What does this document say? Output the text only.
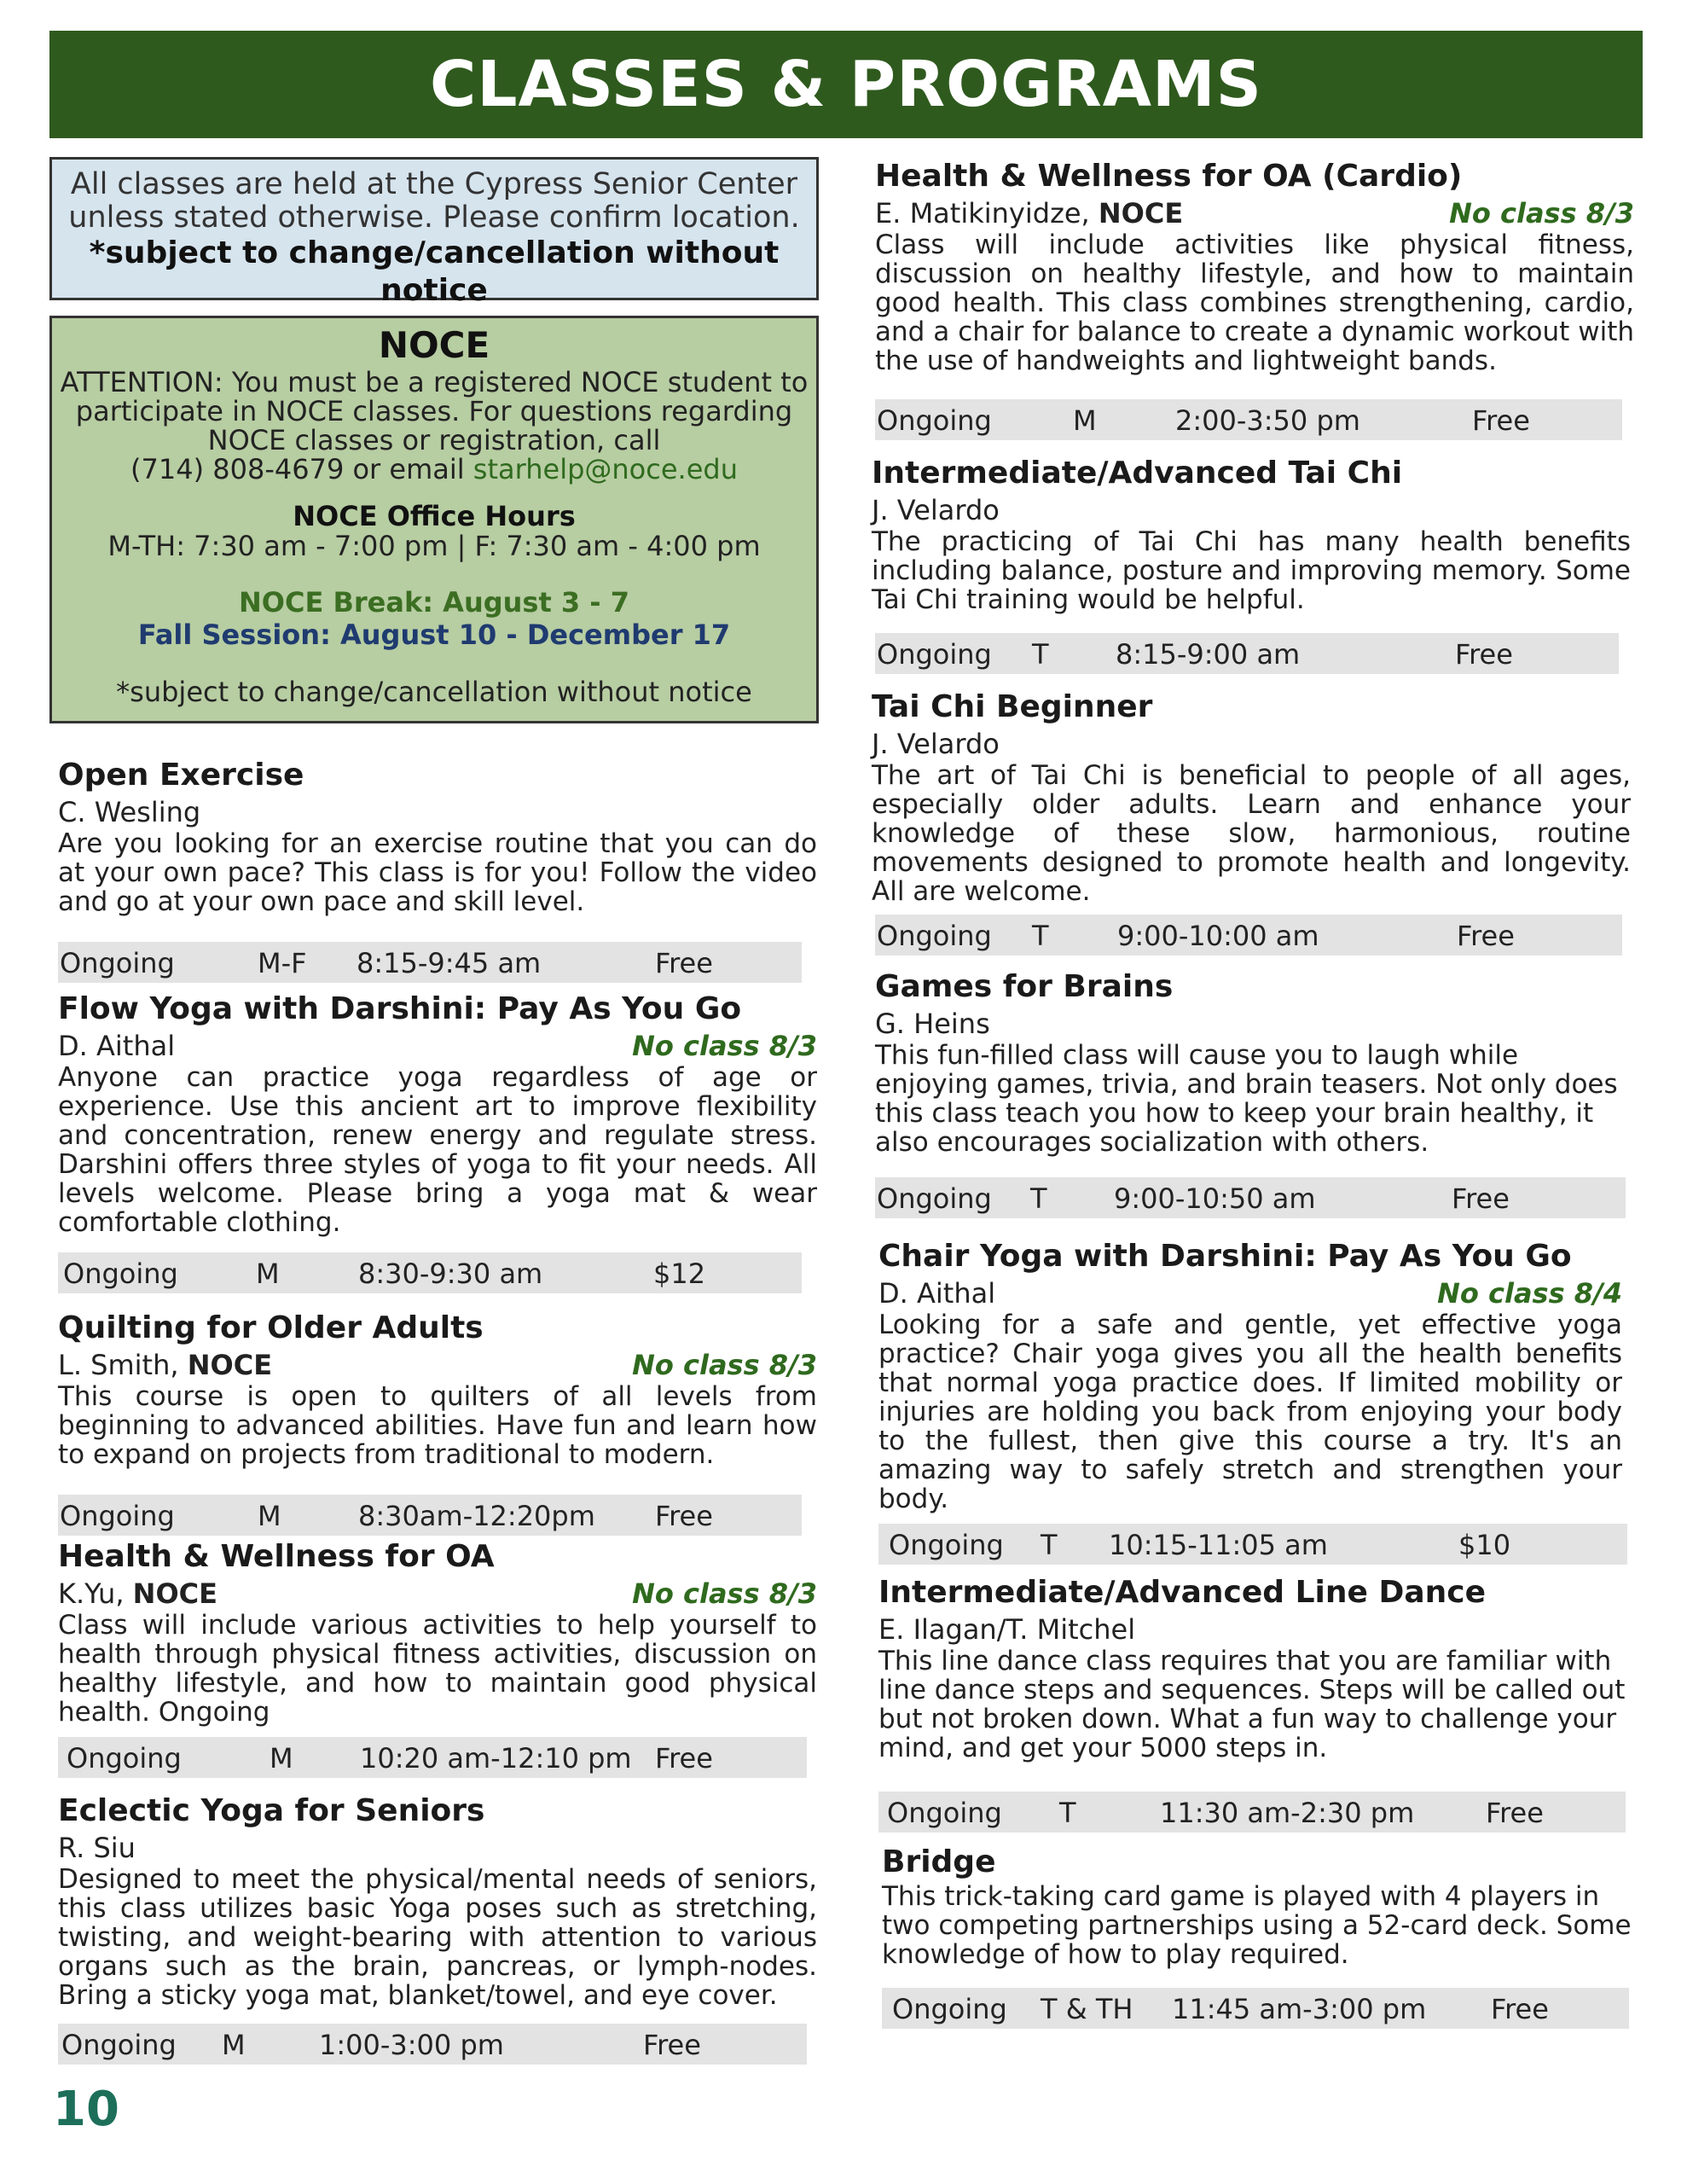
CLASSES & PROGRAMS
All classes are held at the Cypress Senior Center
unless stated otherwise. Please confirm location.
*subject to change/cancellation without notice
NOCE
ATTENTION: You must be a registered NOCE student to
participate in NOCE classes. For questions regarding
NOCE classes or registration, call
(714) 808-4679 or email starhelp@noce.edu
NOCE Office Hours
M-TH: 7:30 am - 7:00 pm | F: 7:30 am - 4:00 pm
NOCE Break: August 3 - 7
Fall Session: August 10 - December 17
*subject to change/cancellation without notice
Open Exercise
C. Wesling
Are you looking for an exercise routine that you can do at your own pace? This class is for you! Follow the video and go at your own pace and skill level.
Ongoing	M-F 8:15-9:45 am	Free
Flow Yoga with Darshini: Pay As You Go
D. Aithal	No class 8/3
Anyone can practice yoga regardless of age or experience. Use this ancient art to improve flexibility and concentration, renew energy and regulate stress. Darshini offers three styles of yoga to fit your needs. All levels welcome. Please bring a yoga mat & wear comfortable clothing.
Ongoing	M	8:30-9:30 am	$12
Quilting for Older Adults
L. Smith, NOCE	No class 8/3
This course is open to quilters of all levels from beginning to advanced abilities. Have fun and learn how to expand on projects from traditional to modern.
Ongoing	M	8:30am-12:20pm Free
Health & Wellness for OA
K.Yu, NOCE	No class 8/3
Class will include various activities to help yourself to health through physical fitness activities, discussion on healthy lifestyle, and how to maintain good physical health. Ongoing
Ongoing	M 10:20 am-12:10 pm Free
Eclectic Yoga for Seniors
R. Siu
Designed to meet the physical/mental needs of seniors, this class utilizes basic Yoga poses such as stretching, twisting, and weight-bearing with attention to various organs such as the brain, pancreas, or lymph-nodes. Bring a sticky yoga mat, blanket/towel, and eye cover.
Ongoing M	1:00-3:00 pm	Free
Health & Wellness for OA (Cardio)
E. Matikinyidze, NOCE	No class 8/3
Class will include activities like physical fitness, discussion on healthy lifestyle, and how to maintain good health. This class combines strengthening, cardio, and a chair for balance to create a dynamic workout with the use of handweights and lightweight bands.
Ongoing	M	2:00-3:50 pm	Free
Intermediate/Advanced Tai Chi
J. Velardo
The practicing of Tai Chi has many health benefits including balance, posture and improving memory. Some Tai Chi training would be helpful.
Ongoing T 8:15-9:00 am	Free
Tai Chi Beginner
J. Velardo
The art of Tai Chi is beneficial to people of all ages, especially older adults. Learn and enhance your knowledge of these slow, harmonious, routine movements designed to promote health and longevity. All are welcome.
Ongoing T	9:00-10:00 am	Free
Games for Brains
G. Heins
This fun-filled class will cause you to laugh while enjoying games, trivia, and brain teasers. Not only does this class teach you how to keep your brain healthy, it also encourages socialization with others.
Ongoing T 9:00-10:50 am	Free
Chair Yoga with Darshini: Pay As You Go
D. Aithal	No class 8/4
Looking for a safe and gentle, yet effective yoga practice? Chair yoga gives you all the health benefits that normal yoga practice does. If limited mobility or injuries are holding you back from enjoying your body to the fullest, then give this course a try. It's an amazing way to safely stretch and strengthen your body.
Ongoing T 10:15-11:05 am	$10
Intermediate/Advanced Line Dance
E. Ilagan/T. Mitchel
This line dance class requires that you are familiar with line dance steps and sequences. Steps will be called out but not broken down. What a fun way to challenge your mind, and get your 5000 steps in.
Ongoing T	11:30 am-2:30 pm	Free
Bridge
This trick-taking card game is played with 4 players in two competing partnerships using a 52-card deck. Some knowledge of how to play required.
Ongoing T & TH 11:45 am-3:00 pm Free
10
